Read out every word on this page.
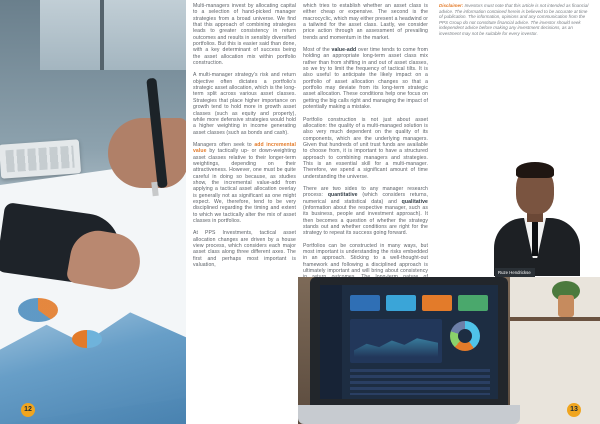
12

Multi-managers invest by allocating capital to a selection of hand-picked manager strategies from a broad universe. We find that this approach of combining strategies leads to greater consistency in return outcomes and results in sensibly diversified portfolios. But this is easier said than done, with a key determinant of success being the asset allocation mix within portfolio construction.

A multi-manager strategy’s risk and return objective often dictates a portfolio’s strategic asset allocation, which is the long-term split across various asset classes. Strategies that place higher importance on growth tend to hold more in growth asset classes (such as equity and property), while more defensive strategies would hold a higher weighting in income generating asset classes (such as bonds and cash).

Managers often seek to add incremental value by tactically up- or down-weighting asset classes relative to their longer-term weightings, depending on their attractiveness. However, one must be quite careful in doing so because, as studies show, the incremental value-add from applying a tactical asset allocation overlay is generally not as significant as one might expect. We, therefore, tend to be very disciplined regarding the timing and extent to which we tactically alter the mix of asset classes in portfolios.

At PPS Investments, tactical asset allocation changes are driven by a house view process, which considers each major asset class along three different axes. The first and perhaps most important is valuation,

which tries to establish whether an asset class is either cheap or expensive. The second is the macrocyclic, which may either present a headwind or a tailwind for the asset class. Lastly, we consider price action through an assessment of prevailing trends and momentum in the market.

Most of the value-add over time tends to come from holding an appropriate long-term asset class mix rather than from shifting in and out of asset classes, so we try to limit the frequency of tactical tilts. It is also useful to anticipate the likely impact on a portfolio of asset allocation changes so that a portfolio may deviate from its long-term strategic asset allocation. These conditions help one focus on getting the big calls right and managing the impact of potentially making a mistake.

Portfolio construction is not just about asset allocation: the quality of a multi-managed solution is also very much dependent on the quality of its components, which are the underlying managers. Given that hundreds of unit trust funds are available to choose from, it is important to have a structured approach to combining managers and strategies. This is an essential skill for a multi-manager. Therefore, we spend a significant amount of time understanding the universe.

There are two sides to any manager research process: quantitative (which considers returns, numerical and statistical data) and qualitative (information about the respective manager, such as its business, people and investment approach). It then becomes a question of whether the strategy stands out and whether conditions are right for the strategy to repeat its success going forward.

Portfolios can be constructed in many ways, but most important is understanding the risks embedded in an approach. Sticking to a well-thought-out framework and following a disciplined approach is ultimately important and will bring about consistency

Disclaimer: Investors must note that this article is not intended as financial advice. The information contained herein is believed to be accurate at time of publication. The information, opinions and any communication from the PPS Group do not constitute financial advice. The investor should seek independent advice before making any investment decisions, as an investment may not be suitable for every investor.
Ruze Hendrickse
13
